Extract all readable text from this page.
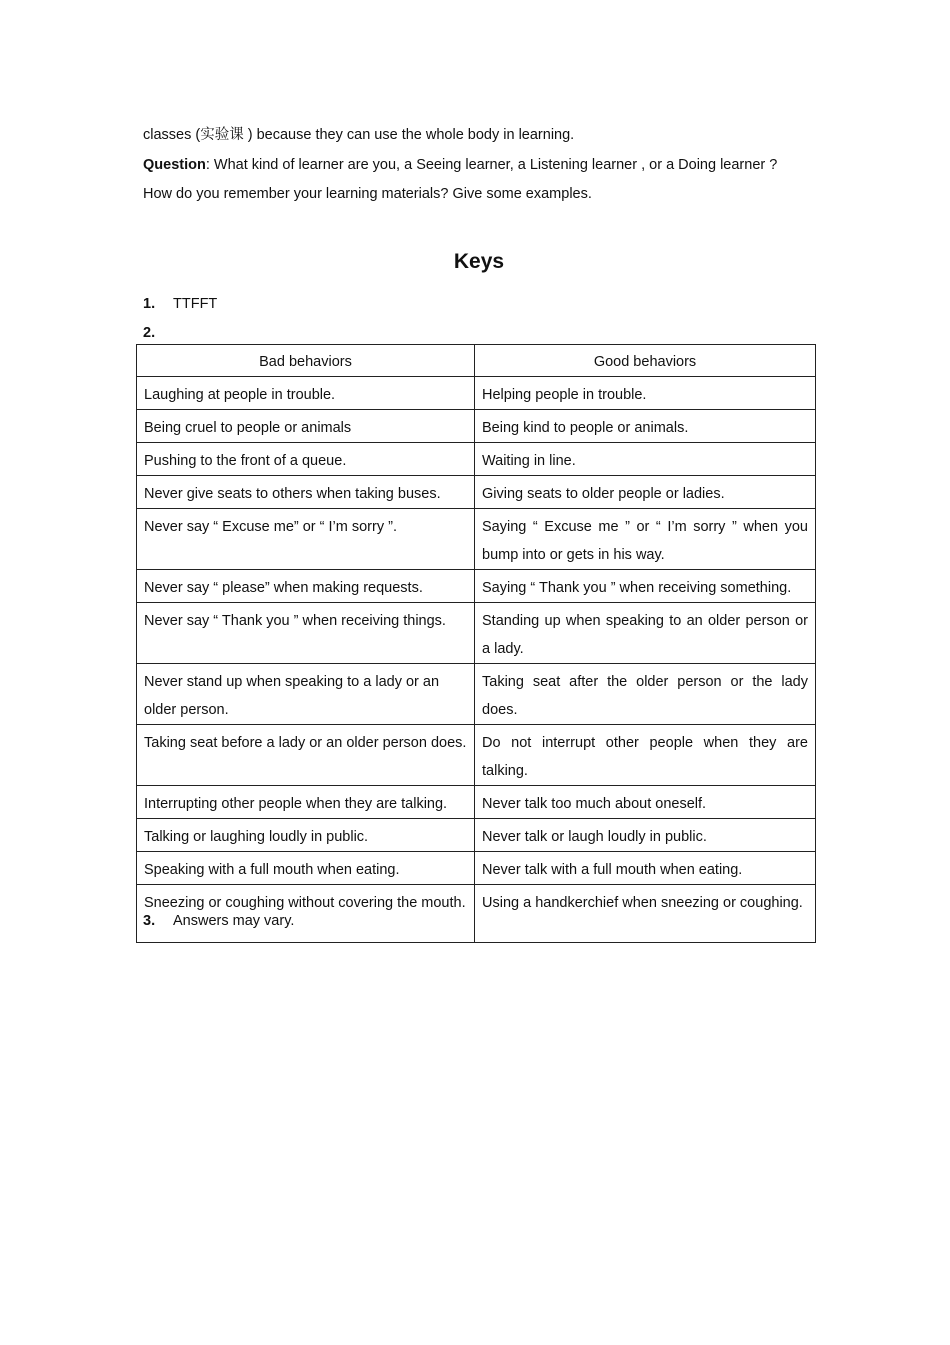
classes (实验课 ) because they can use the whole body in learning.
Question: What kind of learner are you, a Seeing learner, a Listening learner , or a Doing learner ?
How do you remember your learning materials? Give some examples.
Keys
1. TTFFT
2.
Bad behaviors	Good behaviors
Laughing at people in trouble.	Helping people in trouble.
Being cruel to people or animals	Being kind to people or animals.
Pushing to the front of a queue.	Waiting in line.
Never give seats to others when taking buses.	Giving seats to older people or ladies.
Never say “ Excuse me” or “ I’m sorry ”.	Saying “ Excuse me ” or “ I’m sorry ” when you bump into or gets in his way.
Never say “ please” when making requests.	Saying “ Thank you ” when receiving something.
Never say “ Thank you ” when receiving things.	Standing up when speaking to an older person or a lady.
Never stand up when speaking to a lady or an older person.	Taking seat after the older person or the lady does.
Taking seat before a lady or an older person does.	Do not interrupt other people when they are talking.
Interrupting other people when they are talking.	Never talk too much about oneself.
Talking or laughing loudly in public.	Never talk or laugh loudly in public.
Speaking with a full mouth when eating.	Never talk with a full mouth when eating.
Sneezing or coughing without covering the mouth.	Using a handkerchief when sneezing or coughing.
3. Answers may vary.
